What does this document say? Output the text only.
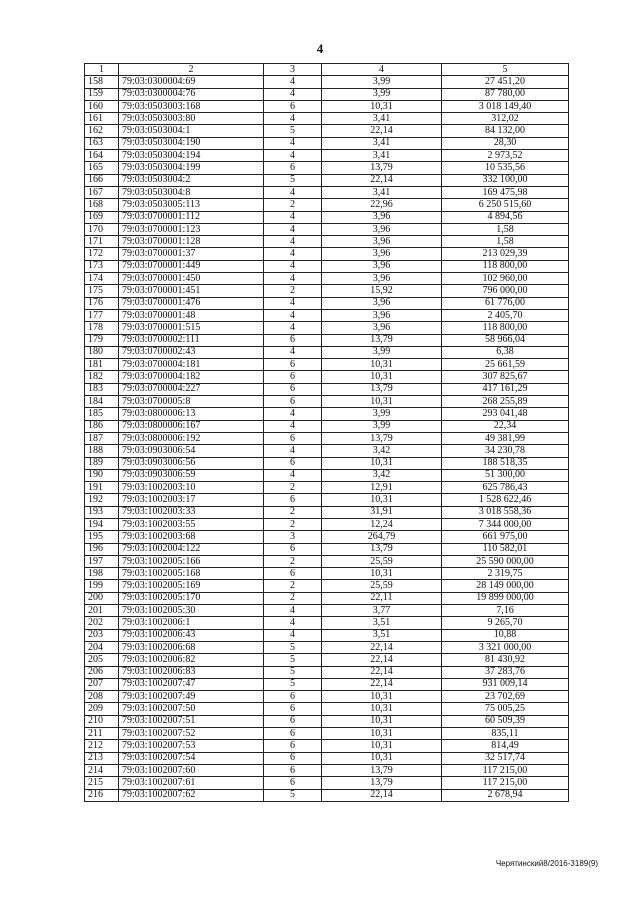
4
1	2	3	4	5
158	79:03:0300004:69	4	3,99	27 451,20
159	79:03:0300004:76	4	3,99	87 780,00
160	79:03:0503003:168	6	10,31	3 018 149,40
161	79:03:0503003:80	4	3,41	312,02
162	79:03:0503004:1	5	22,14	84 132,00
163	79:03:0503004:190	4	3,41	28,30
164	79:03:0503004:194	4	3,41	2 973,52
165	79:03:0503004:199	6	13,79	10 535,56
166	79:03:0503004:2	5	22,14	332 100,00
167	79:03:0503004:8	4	3,41	169 475,98
168	79:03:0503005:113	2	22,96	6 250 515,60
169	79:03:0700001:112	4	3,96	4 894,56
170	79:03:0700001:123	4	3,96	1,58
171	79:03:0700001:128	4	3,96	1,58
172	79:03:0700001:37	4	3,96	213 029,39
173	79:03:0700001:449	4	3,96	118 800,00
174	79:03:0700001:450	4	3,96	102 960,00
175	79:03:0700001:451	2	15,92	796 000,00
176	79:03:0700001:476	4	3,96	61 776,00
177	79:03:0700001:48	4	3,96	2 405,70
178	79:03:0700001:515	4	3,96	118 800,00
179	79:03:0700002:111	6	13,79	58 966,04
180	79:03:0700002:43	4	3,99	6,38
181	79:03:0700004:181	6	10,31	25 661,59
182	79:03:0700004:182	6	10,31	307 825,67
183	79:03:0700004:227	6	13,79	417 161,29
184	79:03:0700005:8	6	10,31	268 255,89
185	79:03:0800006:13	4	3,99	293 041,48
186	79:03:0800006:167	4	3,99	22,34
187	79:03:0800006:192	6	13,79	49 381,99
188	79:03:0903006:54	4	3,42	34 230,78
189	79:03:0903006:56	6	10,31	188 518,35
190	79:03:0903006:59	4	3,42	51 300,00
191	79:03:1002003:10	2	12,91	625 786,43
192	79:03:1002003:17	6	10,31	1 528 622,46
193	79:03:1002003:33	2	31,91	3 018 558,36
194	79:03:1002003:55	2	12,24	7 344 000,00
195	79:03:1002003:68	3	264,79	661 975,00
196	79:03:1002004:122	6	13,79	110 582,01
197	79:03:1002005:166	2	25,59	25 590 000,00
198	79:03:1002005:168	6	10,31	2 319,75
199	79:03:1002005:169	2	25,59	28 149 000,00
200	79:03:1002005:170	2	22,11	19 899 000,00
201	79:03:1002005:30	4	3,77	7,16
202	79:03:1002006:1	4	3,51	9 265,70
203	79:03:1002006:43	4	3,51	10,88
204	79:03:1002006:68	5	22,14	3 321 000,00
205	79:03:1002006:82	5	22,14	81 430,92
206	79:03:1002006:83	5	22,14	37 283,76
207	79:03:1002007:47	5	22,14	931 009,14
208	79:03:1002007:49	6	10,31	23 702,69
209	79:03:1002007:50	6	10,31	75 005,25
210	79:03:1002007:51	6	10,31	60 509,39
211	79:03:1002007:52	6	10,31	835,11
212	79:03:1002007:53	6	10,31	814,49
213	79:03:1002007:54	6	10,31	32 517,74
214	79:03:1002007:60	6	13,79	117 215,00
215	79:03:1002007:61	6	13,79	117 215,00
216	79:03:1002007:62	5	22,14	2 678,94
Черятинский8/2016-3189(9)
